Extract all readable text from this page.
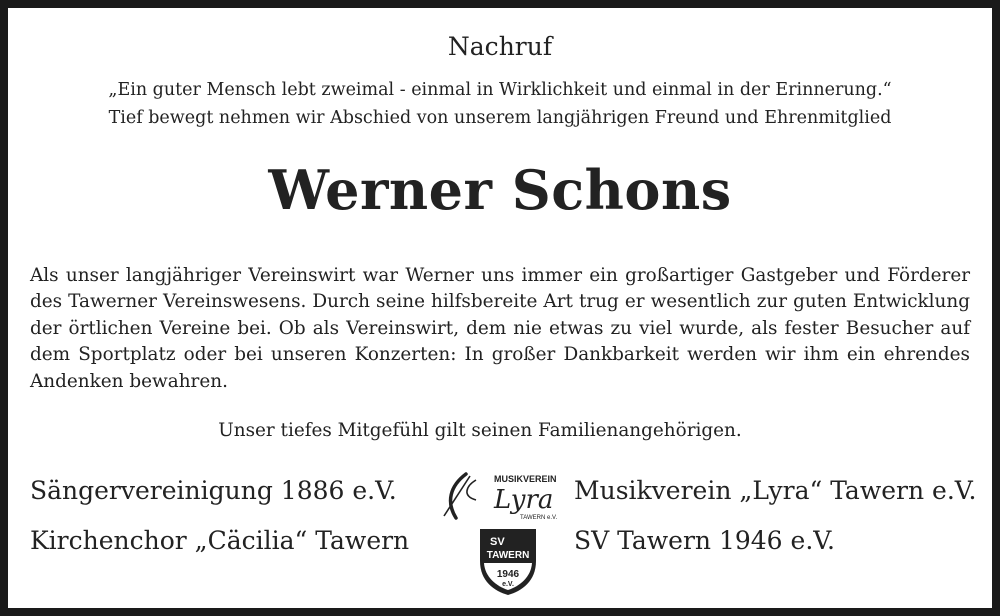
Nachruf
„Ein guter Mensch lebt zweimal - einmal in Wirklichkeit und einmal in der Erinnerung.“
Tief bewegt nehmen wir Abschied von unserem langjährigen Freund und Ehrenmitglied
Werner Schons
Als unser langjähriger Vereinswirt war Werner uns immer ein großartiger Gastgeber und Förderer des Tawerner Vereinswesens. Durch seine hilfsbereite Art trug er wesentlich zur guten Entwicklung der örtlichen Vereine bei. Ob als Vereinswirt, dem nie etwas zu viel wurde, als fester Besucher auf dem Sportplatz oder bei unseren Konzerten: In großer Dankbarkeit werden wir ihm ein ehrendes Andenken bewahren.
Unser tiefes Mitgefühl gilt seinen Familienangehörigen.
Sängervereinigung 1886 e.V.
Kirchenchor „Cäcilia“ Tawern
Musikverein „Lyra“ Tawern e.V.
SV Tawern 1946 e.V.
MUSIKVEREIN
Lyra
TAWERN e.V.
SV
TAWERN
1946
e.V.
